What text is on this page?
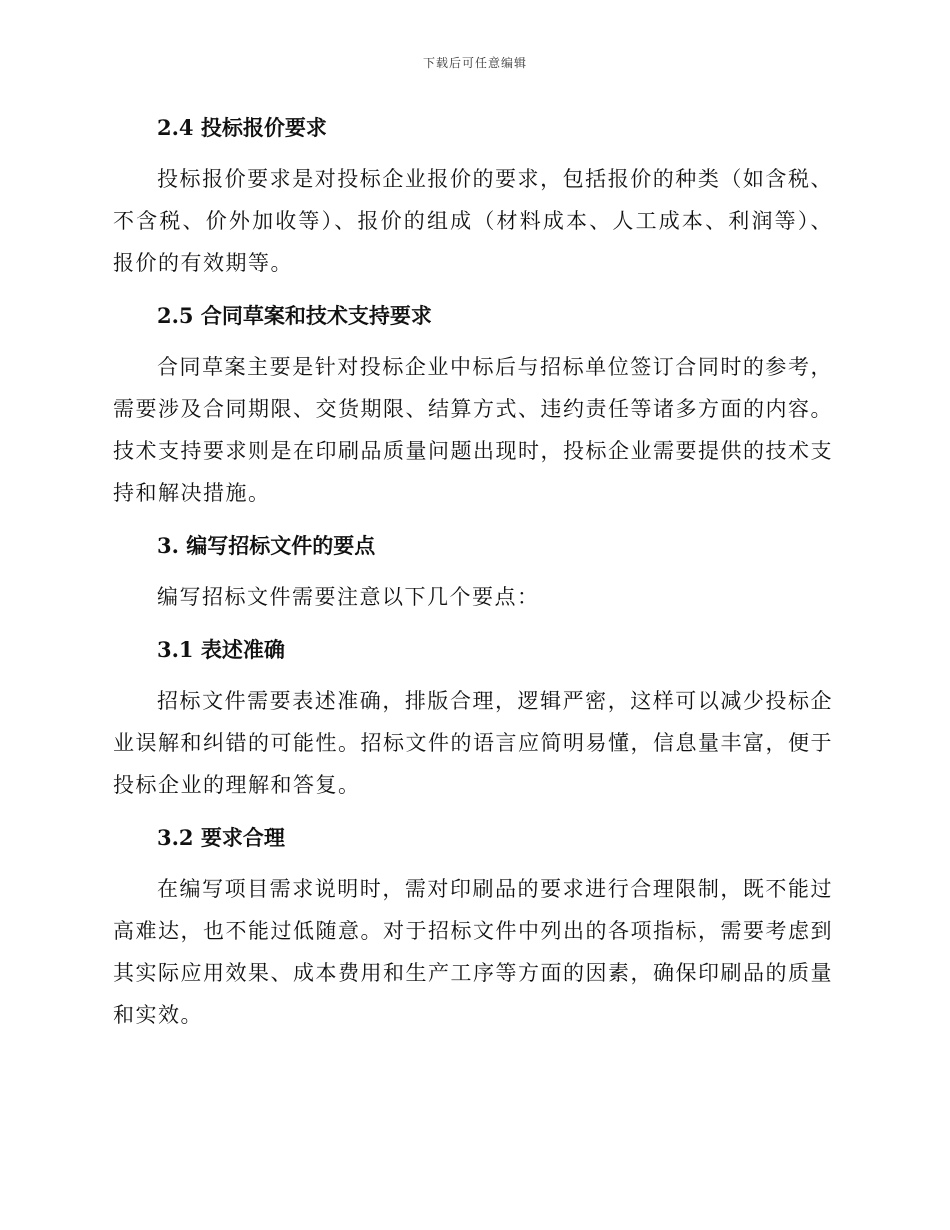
下载后可任意编辑
2.4 投标报价要求

投标报价要求是对投标企业报价的要求，包括报价的种类（如含税、不含税、价外加收等）、报价的组成（材料成本、人工成本、利润等）、报价的有效期等。

2.5 合同草案和技术支持要求

合同草案主要是针对投标企业中标后与招标单位签订合同时的参考，需要涉及合同期限、交货期限、结算方式、违约责任等诸多方面的内容。技术支持要求则是在印刷品质量问题出现时，投标企业需要提供的技术支持和解决措施。

3. 编写招标文件的要点

编写招标文件需要注意以下几个要点：

3.1 表述准确

招标文件需要表述准确，排版合理，逻辑严密，这样可以减少投标企业误解和纠错的可能性。招标文件的语言应简明易懂，信息量丰富，便于投标企业的理解和答复。

3.2 要求合理

在编写项目需求说明时，需对印刷品的要求进行合理限制，既不能过高难达，也不能过低随意。对于招标文件中列出的各项指标，需要考虑到其实际应用效果、成本费用和生产工序等方面的因素，确保印刷品的质量和实效。
